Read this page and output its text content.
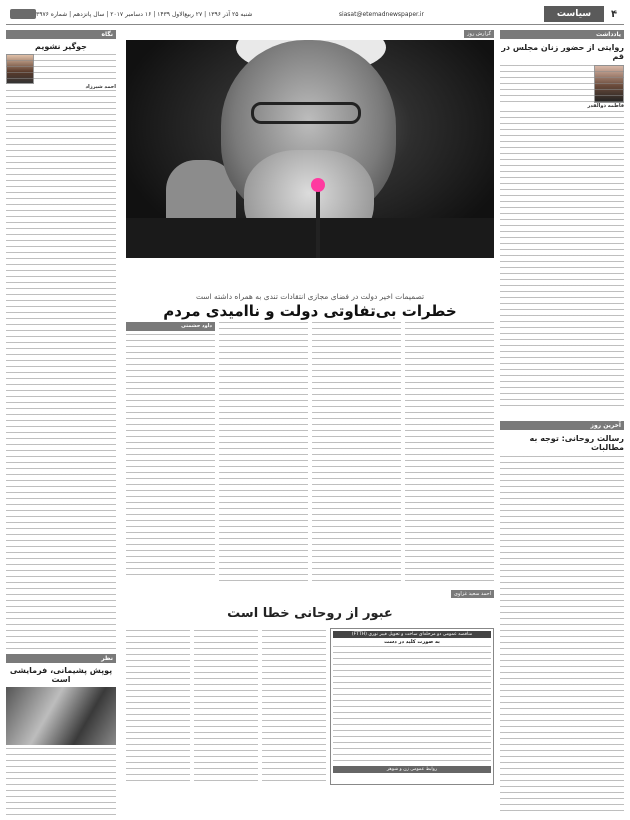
۴
سیاست
siasat@etemadnewspaper.ir
شنبه ۲۵ آذر ۱۳۹۶ | ۲۷ ربیع‌الاول ۱۴۳۹ | ۱۶ دسامبر ۲۰۱۷ | سال پانزدهم | شماره ۳۹۷۶
یادداشت
روایتی از حضور زنان مجلس در قم
فاطمه ذوالقدر
آخرین روز
رسالت روحانی: توجه به مطالبات
گزارش روز
تصمیمات اخیر دولت در فضای مجازی انتقادات تندی به همراه داشته است
خطرات بی‌تفاوتی دولت و ناامیدی مردم
داود حشمتی
احمد سعید غزاوی
عبور از روحانی خطا است
مناقصه عمومی دو مرحله‌ای ساخت و تحویل فیبر نوری (FTTH)
به صورت کلید در دست
روابط عمومی زن و شوهر
نگاه
جوگیر نشویم
احمد شیرزاد
نظر
پوپش‌ پشیمانی، فرمایشی است
